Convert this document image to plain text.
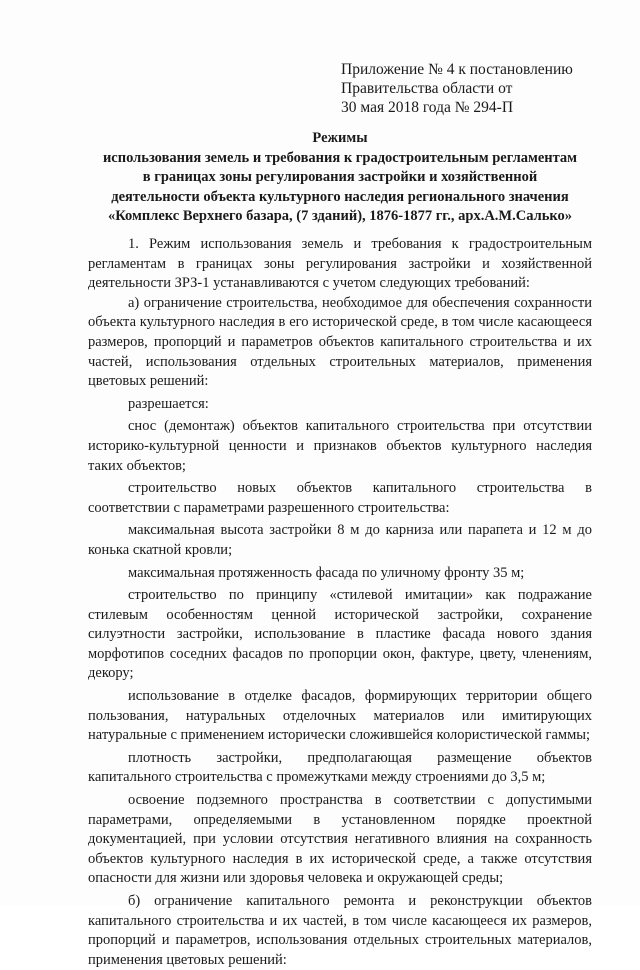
Приложение № 4 к постановлению
Правительства области от
30 мая 2018 года № 294-П
Режимы
использования земель и требования к градостроительным регламентам
в границах зоны регулирования застройки и хозяйственной
деятельности объекта культурного наследия регионального значения
«Комплекс Верхнего базара, (7 зданий), 1876-1877 гг., арх.А.М.Салько»

1. Режим использования земель и требования к градостроительным регламентам в границах зоны регулирования застройки и хозяйственной деятельности ЗРЗ-1 устанавливаются с учетом следующих требований:

а) ограничение строительства, необходимое для обеспечения сохранности объекта культурного наследия в его исторической среде, в том числе касающееся размеров, пропорций и параметров объектов капитального строительства и их частей, использования отдельных строительных материалов, применения цветовых решений:

разрешается:

снос (демонтаж) объектов капитального строительства при отсутствии историко-культурной ценности и признаков объектов культурного наследия таких объектов;

строительство новых объектов капитального строительства в соответствии с параметрами разрешенного строительства:

максимальная высота застройки 8 м до карниза или парапета и 12 м до конька скатной кровли;

максимальная протяженность фасада по уличному фронту 35 м;

строительство по принципу «стилевой имитации» как подражание стилевым особенностям ценной исторической застройки, сохранение силуэтности застройки, использование в пластике фасада нового здания морфотипов соседних фасадов по пропорции окон, фактуре, цвету, членениям, декору;

использование в отделке фасадов, формирующих территории общего пользования, натуральных отделочных материалов или имитирующих натуральные с применением исторически сложившейся колористической гаммы;

плотность застройки, предполагающая размещение объектов капитального строительства с промежутками между строениями до 3,5 м;

освоение подземного пространства в соответствии с допустимыми параметрами, определяемыми в установленном порядке проектной документацией, при условии отсутствия негативного влияния на сохранность объектов культурного наследия в их исторической среде, а также отсутствия опасности для жизни или здоровья человека и окружающей среды;

б) ограничение капитального ремонта и реконструкции объектов капитального строительства и их частей, в том числе касающееся их размеров, пропорций и параметров, использования отдельных строительных материалов, применения цветовых решений:
